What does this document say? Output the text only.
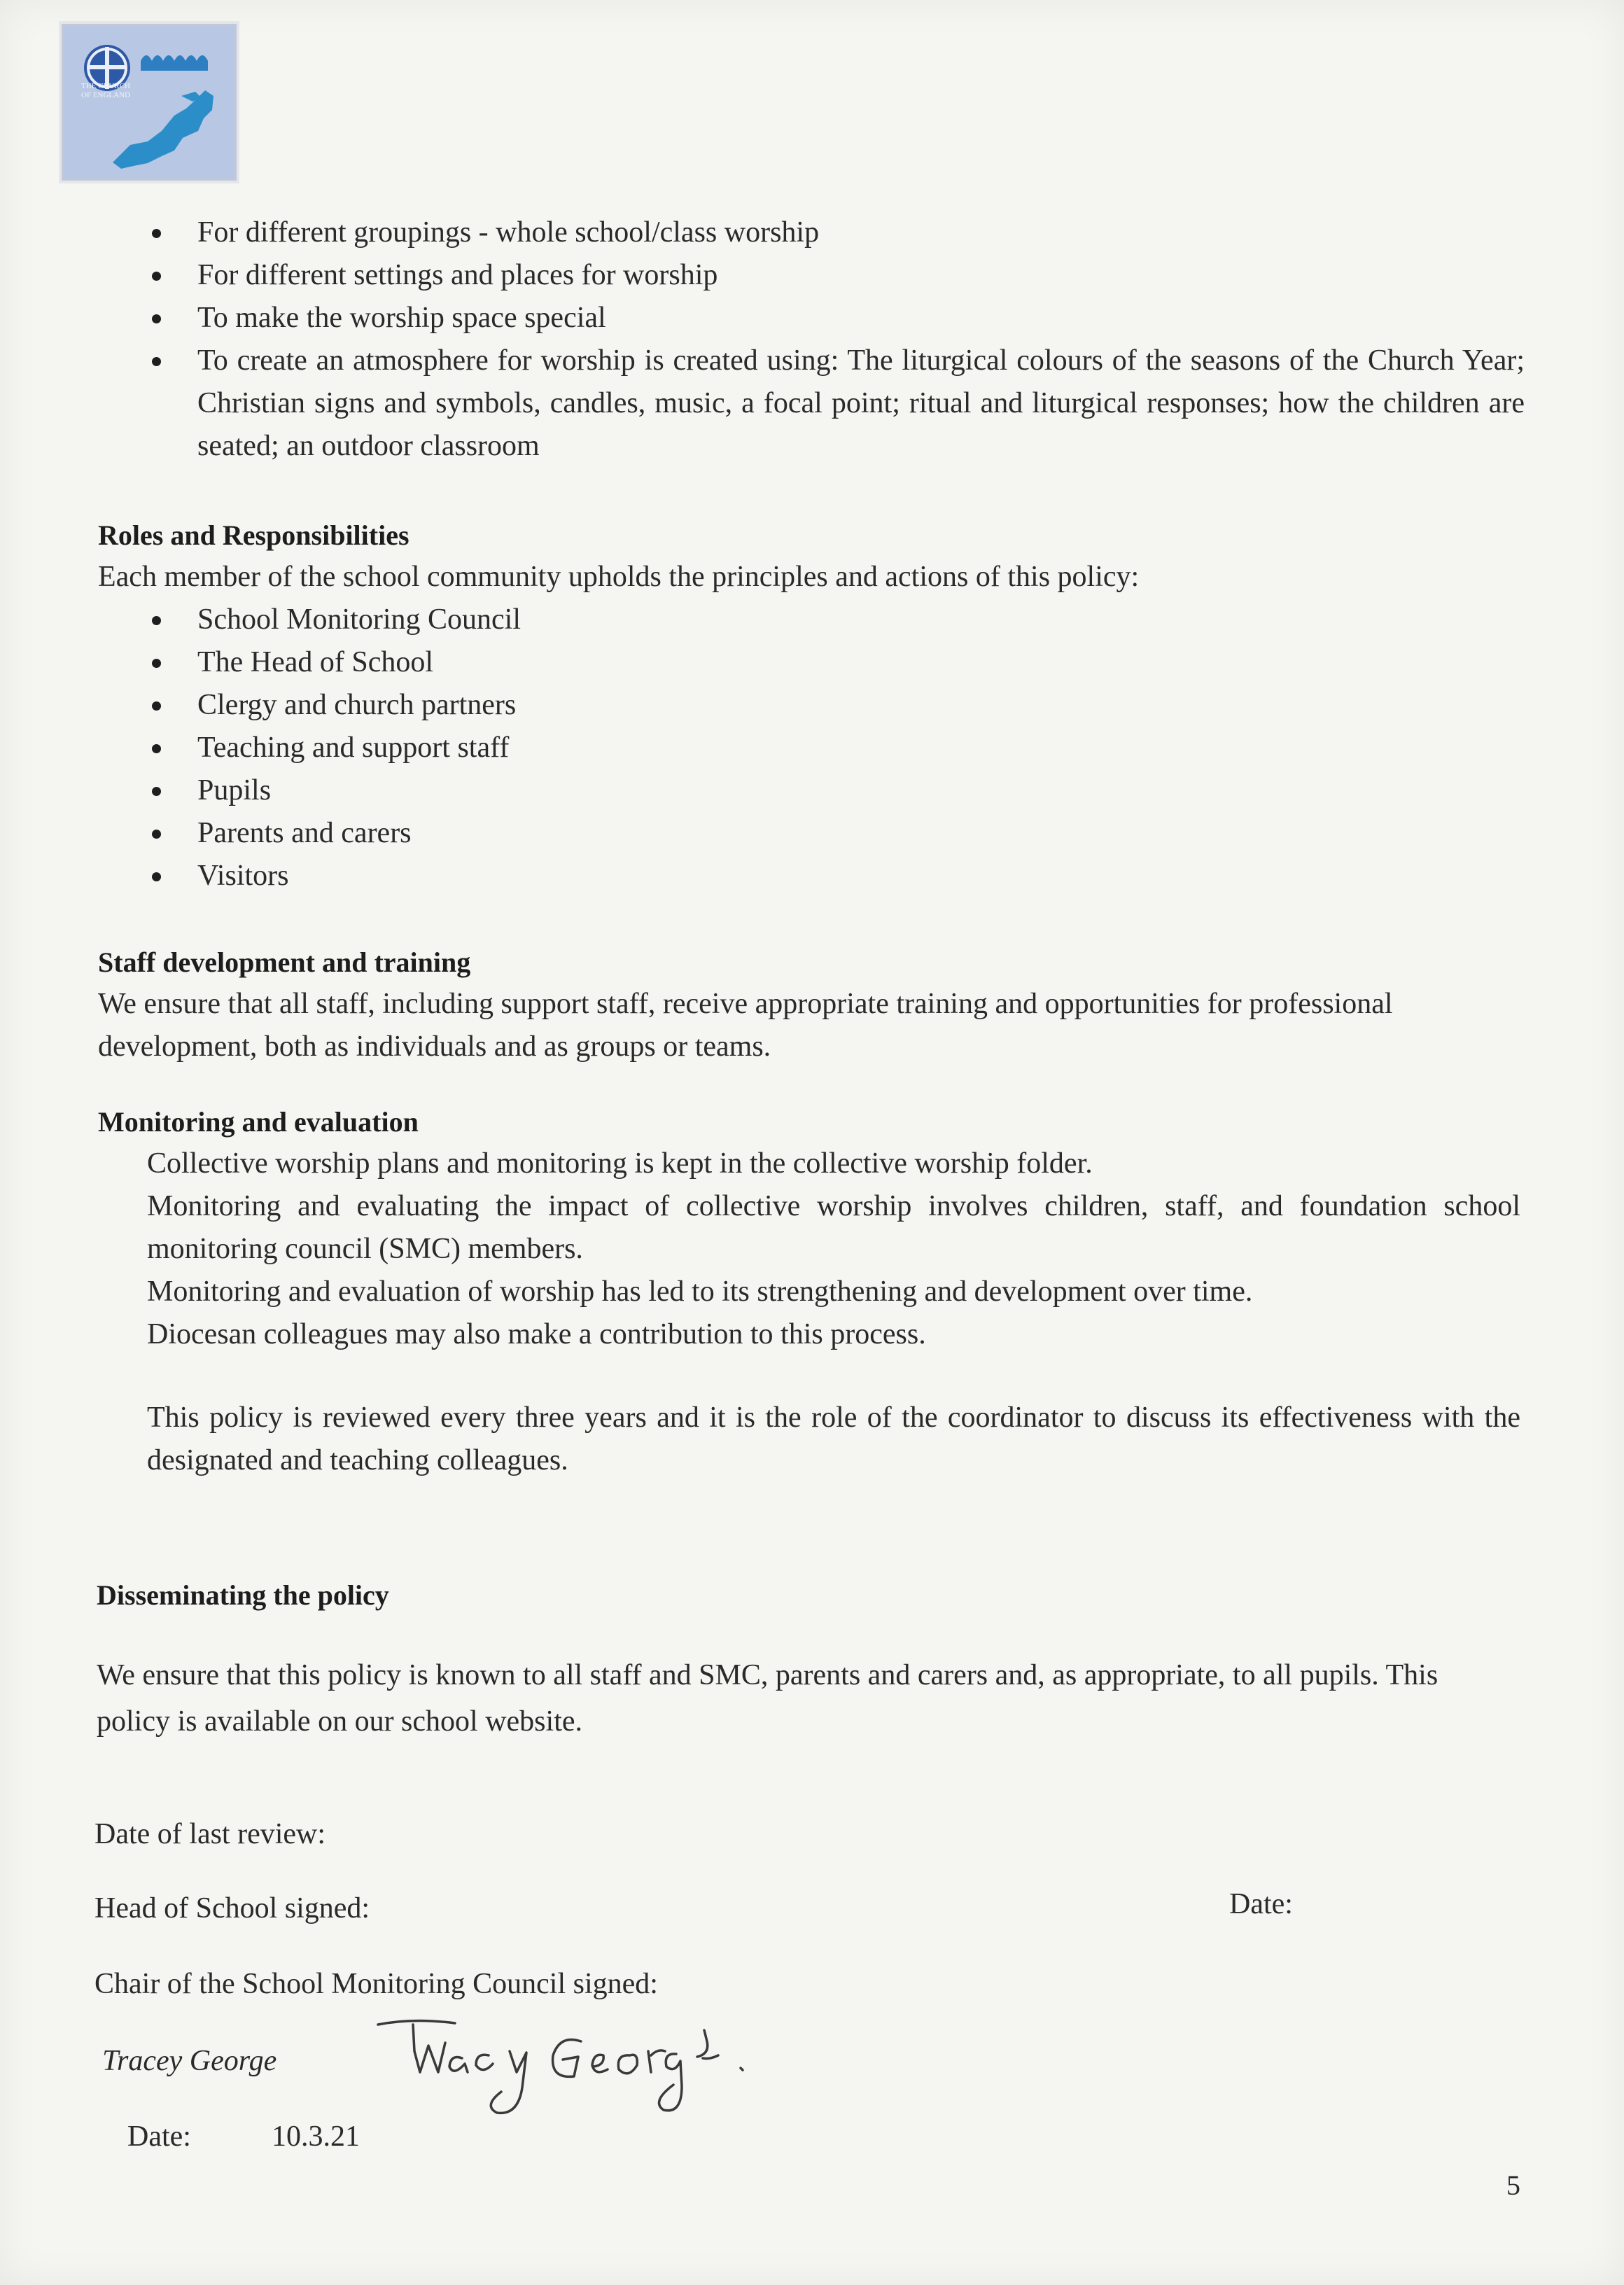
THE CHURCH
OF ENGLAND
For different groupings - whole school/class worship
For different settings and places for worship
To make the worship space special
To create an atmosphere for worship is created using: The liturgical colours of the seasons of the Church Year; Christian signs and symbols, candles, music, a focal point; ritual and liturgical responses; how the children are seated; an outdoor classroom
Roles and Responsibilities

Each member of the school community upholds the principles and actions of this policy:

School Monitoring Council
The Head of School
Clergy and church partners
Teaching and support staff
Pupils
Parents and carers
Visitors
Staff development and training

We ensure that all staff, including support staff, receive appropriate training and opportunities for professional development, both as individuals and as groups or teams.

Monitoring and evaluation

Collective worship plans and monitoring is kept in the collective worship folder.

Monitoring and evaluating the impact of collective worship involves children, staff, and foundation school monitoring council (SMC) members.

Monitoring and evaluation of worship has led to its strengthening and development over time.

Diocesan colleagues may also make a contribution to this process.

This policy is reviewed every three years and it is the role of the coordinator to discuss its effectiveness with the designated and teaching colleagues.

Disseminating the policy

We ensure that this policy is known to all staff and SMC, parents and carers and, as appropriate, to all pupils. This policy is available on our school website.

Date of last review:
Head of School signed:	Date:
Chair of the School Monitoring Council signed:
Tracey George
Date:	10.3.21
5
